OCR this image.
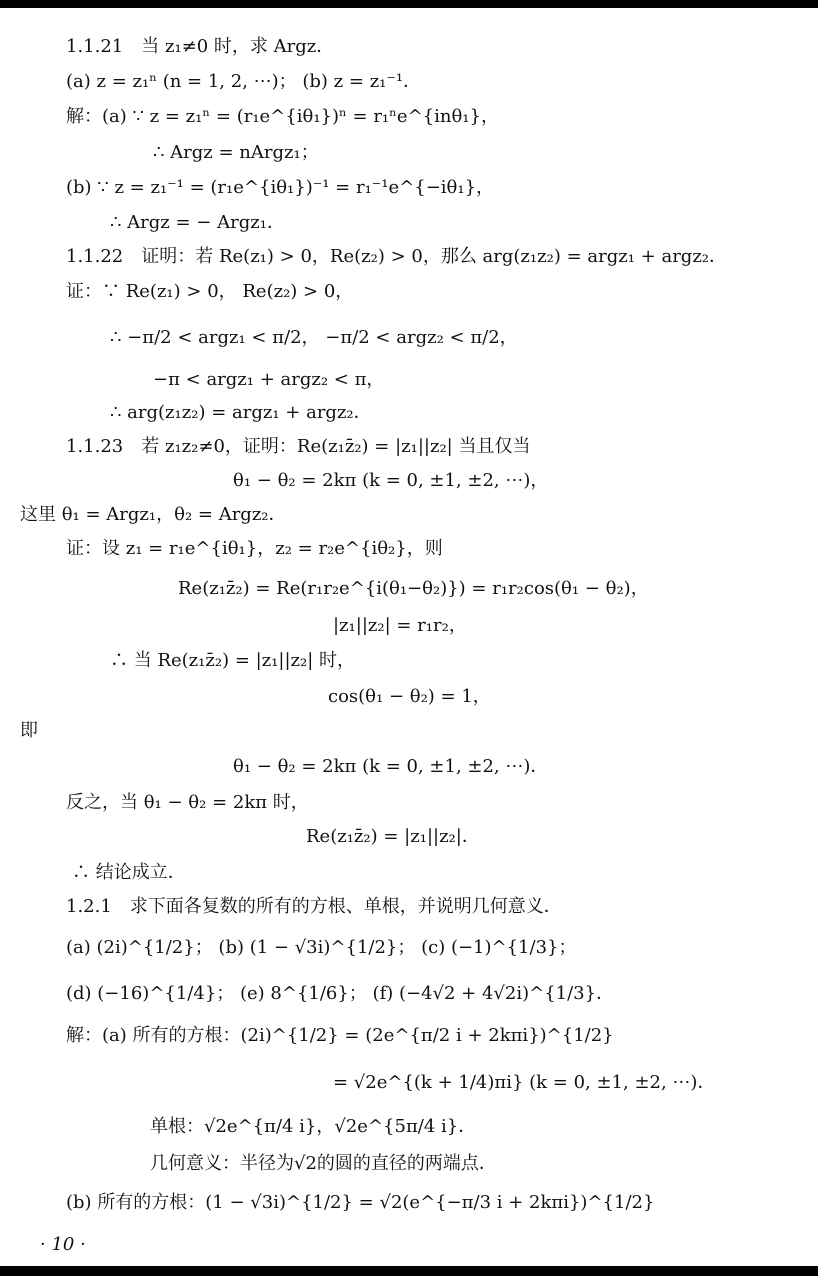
1.1.21　当 z₁≠0 时，求 Argz．
(a) z = z₁ⁿ (n = 1, 2, ⋯)； (b) z = z₁⁻¹．
解：(a) ∵ z = z₁ⁿ = (r₁e^{iθ₁})ⁿ = r₁ⁿe^{inθ₁}，
∴ Argz = nArgz₁；
(b) ∵ z = z₁⁻¹ = (r₁e^{iθ₁})⁻¹ = r₁⁻¹e^{−iθ₁}，
∴ Argz = − Argz₁．
1.1.22　证明：若 Re(z₁) > 0，Re(z₂) > 0，那么 arg(z₁z₂) = argz₁ + argz₂．
证：∵ Re(z₁) > 0， Re(z₂) > 0，
∴ −π/2 < argz₁ < π/2， −π/2 < argz₂ < π/2，
−π < argz₁ + argz₂ < π，
∴ arg(z₁z₂) = argz₁ + argz₂．
1.1.23　若 z₁z₂≠0，证明：Re(z₁z̄₂) = |z₁||z₂| 当且仅当
θ₁ − θ₂ = 2kπ (k = 0, ±1, ±2, ⋯)，
这里 θ₁ = Argz₁，θ₂ = Argz₂．
证：设 z₁ = r₁e^{iθ₁}，z₂ = r₂e^{iθ₂}，则
Re(z₁z̄₂) = Re(r₁r₂e^{i(θ₁−θ₂)}) = r₁r₂cos(θ₁ − θ₂)，
|z₁||z₂| = r₁r₂，
∴ 当 Re(z₁z̄₂) = |z₁||z₂| 时，
cos(θ₁ − θ₂) = 1，
即
θ₁ − θ₂ = 2kπ (k = 0, ±1, ±2, ⋯)．
反之，当 θ₁ − θ₂ = 2kπ 时，
Re(z₁z̄₂) = |z₁||z₂|．
∴ 结论成立．
1.2.1　求下面各复数的所有的方根、单根，并说明几何意义．
(a) (2i)^{1/2}； (b) (1 − √3i)^{1/2}； (c) (−1)^{1/3}；
(d) (−16)^{1/4}； (e) 8^{1/6}； (f) (−4√2 + 4√2i)^{1/3}．
解：(a) 所有的方根：(2i)^{1/2} = (2e^{π/2 i + 2kπi})^{1/2}
= √2e^{(k + 1/4)πi} (k = 0, ±1, ±2, ⋯)．
单根：√2e^{π/4 i}，√2e^{5π/4 i}．
几何意义：半径为√2的圆的直径的两端点．
(b) 所有的方根：(1 − √3i)^{1/2} = √2(e^{−π/3 i + 2kπi})^{1/2}
· 10 ·
